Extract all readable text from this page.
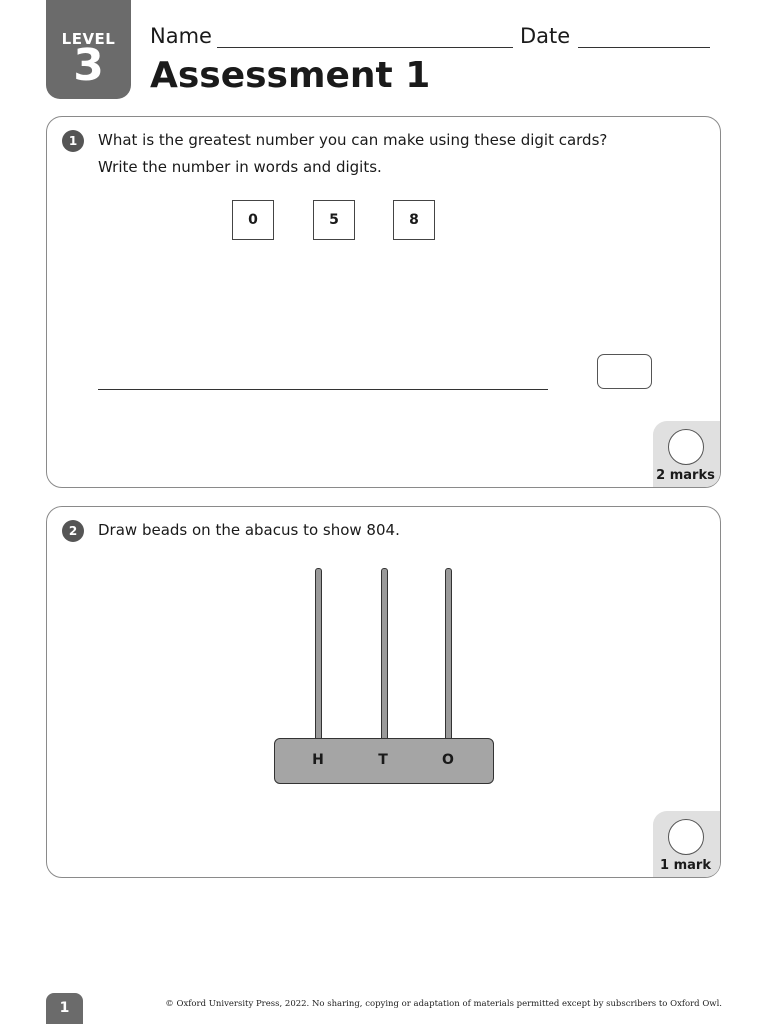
LEVEL
3
Name	Date
Assessment 1
1	What is the greatest number you can make using these digit cards?
Write the number in words and digits.
0	5	8
2 marks
2	Draw beads on the abacus to show 804.
H	T	O
1 mark
1	© Oxford University Press, 2022. No sharing, copying or adaptation of materials permitted except by subscribers to Oxford Owl.
